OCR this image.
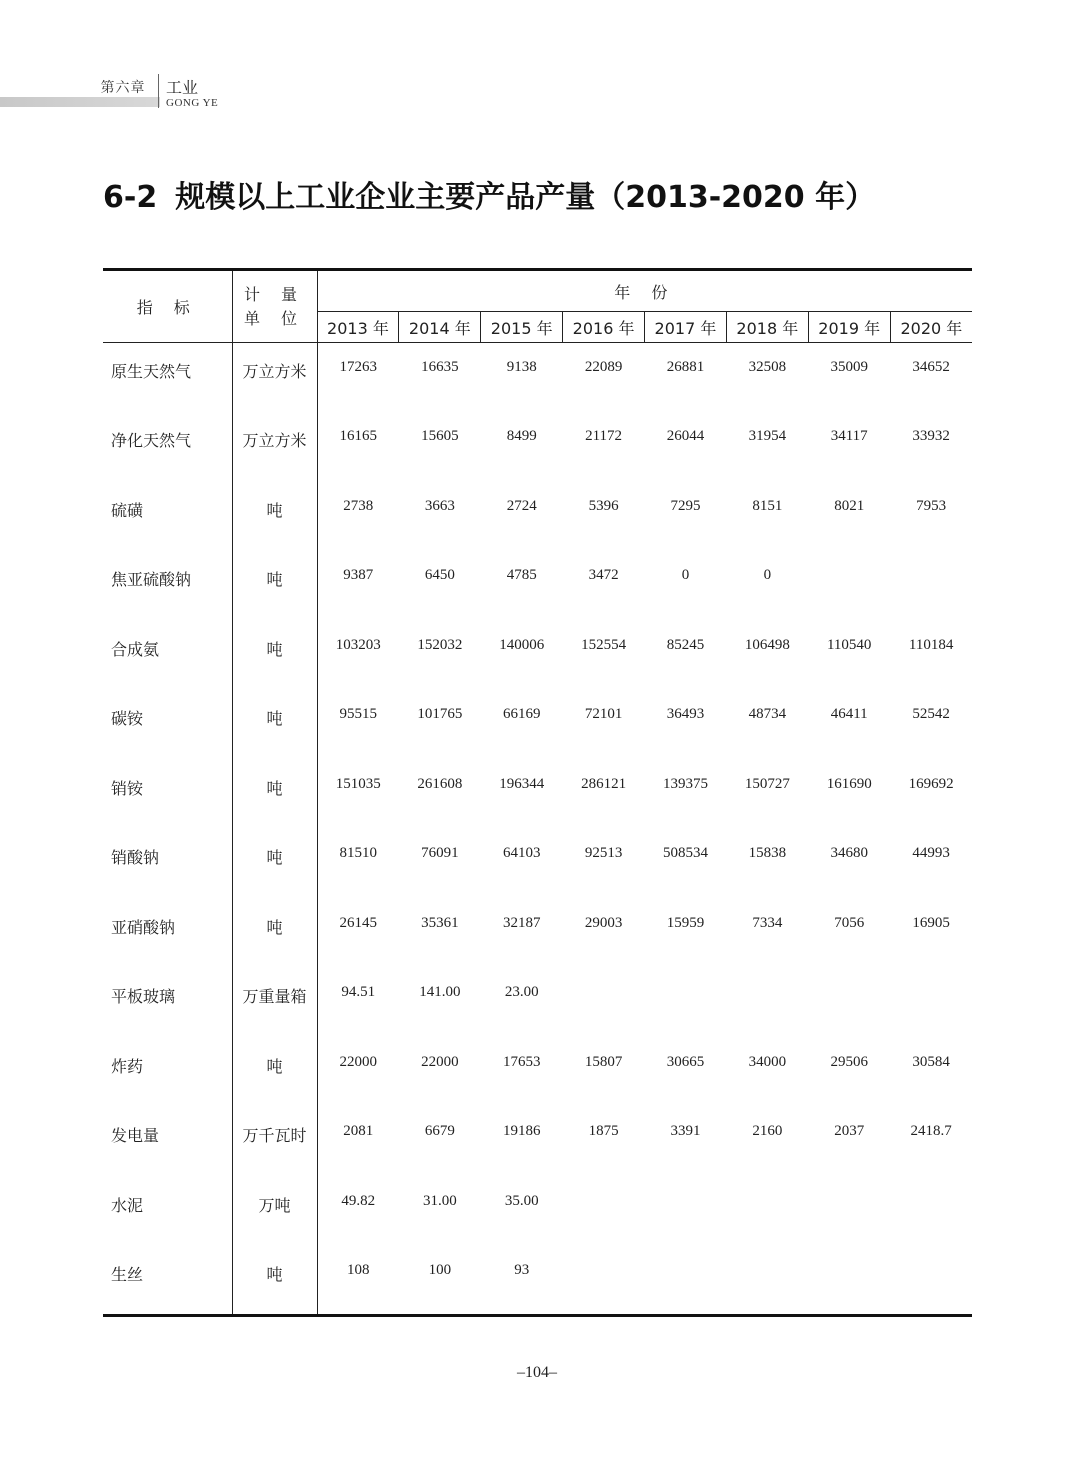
第六章	工业
GONG YE
6-2 规模以上工业企业主要产品产量（2013-2020 年）
指 标	计 量
单 位	年 份							
		2013 年	2014 年	2015 年	2016 年	2017 年	2018 年	2019 年	2020 年
原生天然气	万立方米	17263	16635	9138	22089	26881	32508	35009	34652
净化天然气	万立方米	16165	15605	8499	21172	26044	31954	34117	33932
硫磺	吨	2738	3663	2724	5396	7295	8151	8021	7953
焦亚硫酸钠	吨	9387	6450	4785	3472	0	0		
合成氨	吨	103203	152032	140006	152554	85245	106498	110540	110184
碳铵	吨	95515	101765	66169	72101	36493	48734	46411	52542
销铵	吨	151035	261608	196344	286121	139375	150727	161690	169692
销酸钠	吨	81510	76091	64103	92513	508534	15838	34680	44993
亚硝酸钠	吨	26145	35361	32187	29003	15959	7334	7056	16905
平板玻璃	万重量箱	94.51	141.00	23.00					
炸药	吨	22000	22000	17653	15807	30665	34000	29506	30584
发电量	万千瓦时	2081	6679	19186	1875	3391	2160	2037	2418.7
水泥	万吨	49.82	31.00	35.00					
生丝	吨	108	100	93					
–104–
